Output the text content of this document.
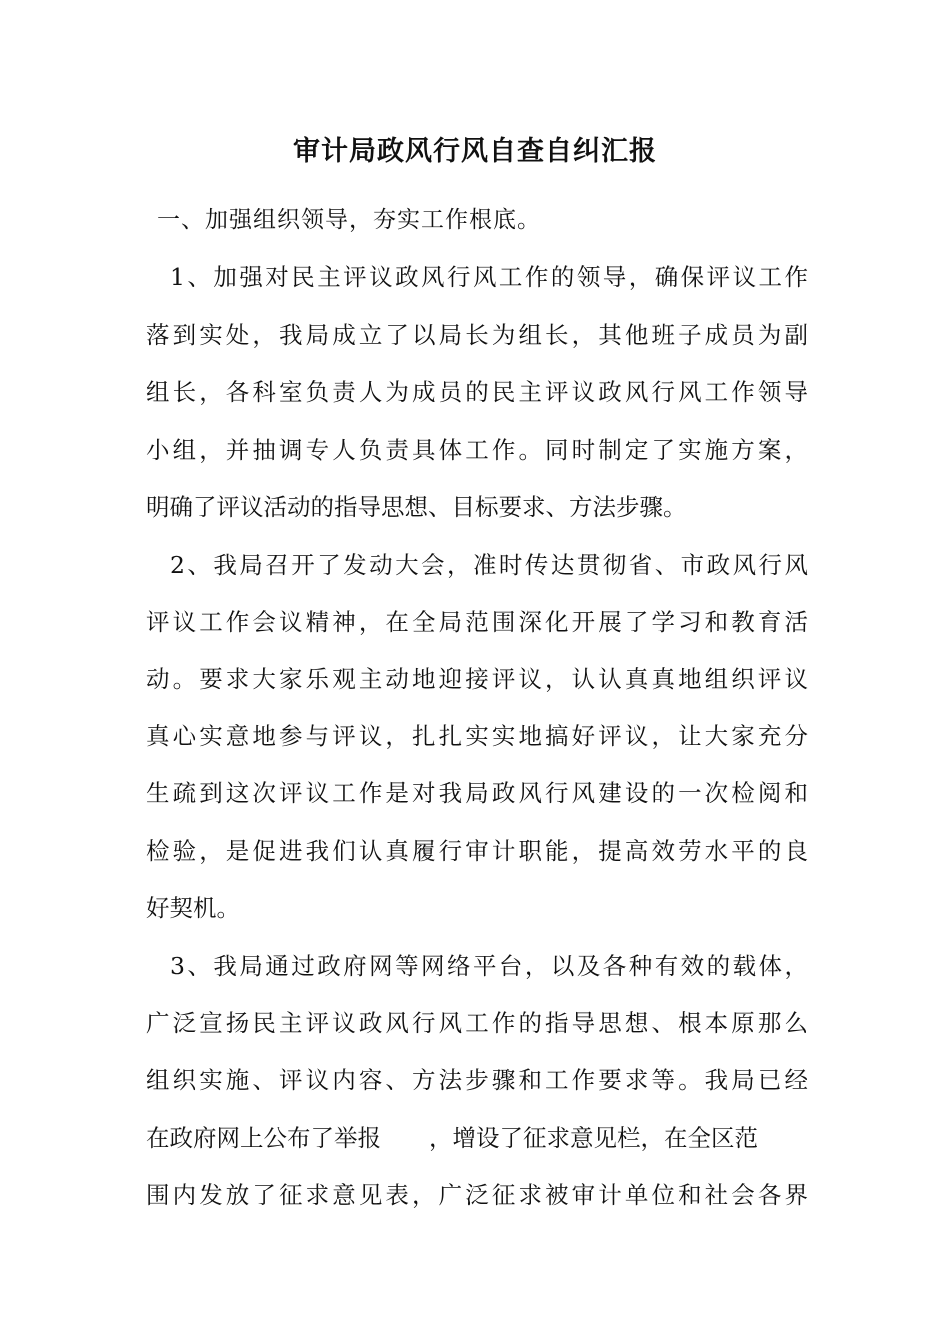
审计局政风行风自查自纠汇报
一、加强组织领导，夯实工作根底。
1、加强对民主评议政风行风工作的领导，确保评议工作
落到实处，我局成立了以局长为组长，其他班子成员为副
组长，各科室负责人为成员的民主评议政风行风工作领导
小组，并抽调专人负责具体工作。同时制定了实施方案，
明确了评议活动的指导思想、目标要求、方法步骤。
2、我局召开了发动大会，准时传达贯彻省、市政风行风
评议工作会议精神，在全局范围深化开展了学习和教育活
动。要求大家乐观主动地迎接评议，认认真真地组织评议
真心实意地参与评议，扎扎实实地搞好评议，让大家充分
生疏到这次评议工作是对我局政风行风建设的一次检阅和
检验，是促进我们认真履行审计职能，提高效劳水平的良
好契机。
3、我局通过政府网等网络平台，以及各种有效的载体，
广泛宣扬民主评议政风行风工作的指导思想、根本原那么
组织实施、评议内容、方法步骤和工作要求等。我局已经
在政府网上公布了举报 ，增设了征求意见栏，在全区范
围内发放了征求意见表，广泛征求被审计单位和社会各界
